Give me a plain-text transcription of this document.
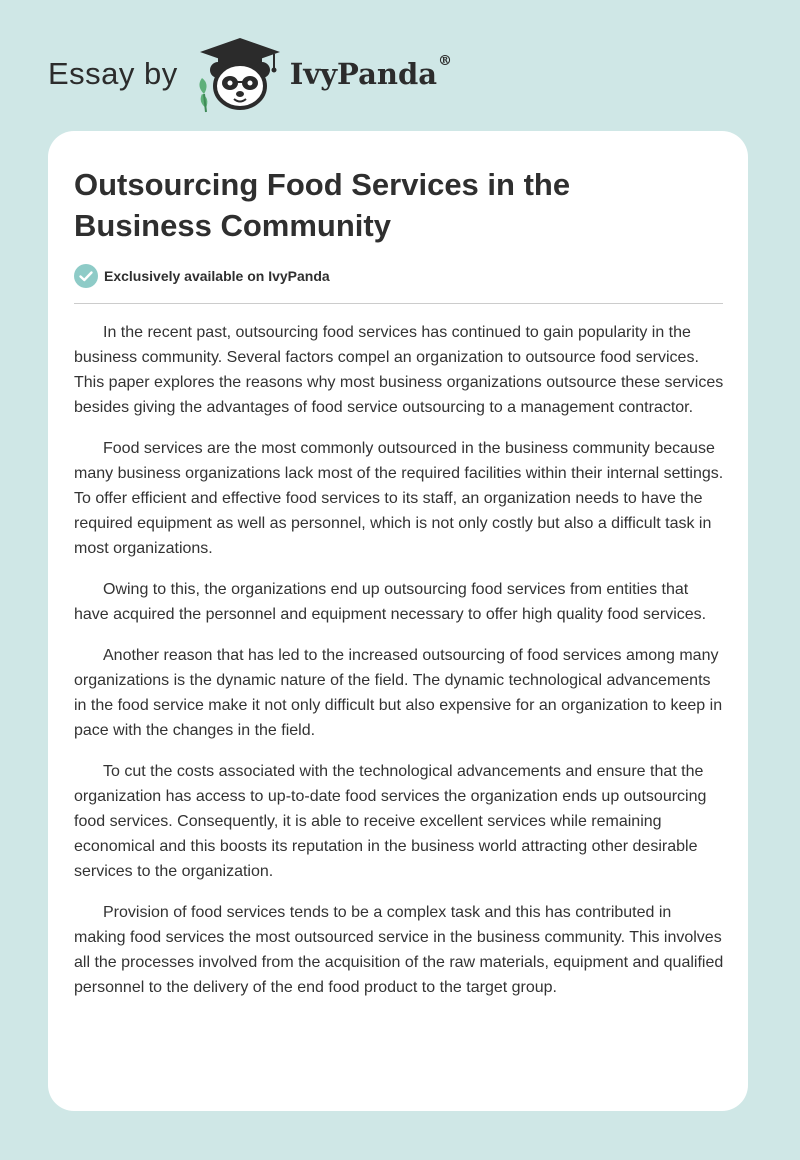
Essay by	IvyPanda®
Outsourcing Food Services in the Business Community
Exclusively available on IvyPanda

In the recent past, outsourcing food services has continued to gain popularity in the business community. Several factors compel an organization to outsource food services. This paper explores the reasons why most business organizations outsource these services besides giving the advantages of food service outsourcing to a management contractor.

Food services are the most commonly outsourced in the business community because many business organizations lack most of the required facilities within their internal settings. To offer efficient and effective food services to its staff, an organization needs to have the required equipment as well as personnel, which is not only costly but also a difficult task in most organizations.

Owing to this, the organizations end up outsourcing food services from entities that have acquired the personnel and equipment necessary to offer high quality food services.

Another reason that has led to the increased outsourcing of food services among many organizations is the dynamic nature of the field. The dynamic technological advancements in the food service make it not only difficult but also expensive for an organization to keep in pace with the changes in the field.

To cut the costs associated with the technological advancements and ensure that the organization has access to up-to-date food services the organization ends up outsourcing food services. Consequently, it is able to receive excellent services while remaining economical and this boosts its reputation in the business world attracting other desirable services to the organization.

Provision of food services tends to be a complex task and this has contributed in making food services the most outsourced service in the business community. This involves all the processes involved from the acquisition of the raw materials, equipment and qualified personnel to the delivery of the end food product to the target group.
